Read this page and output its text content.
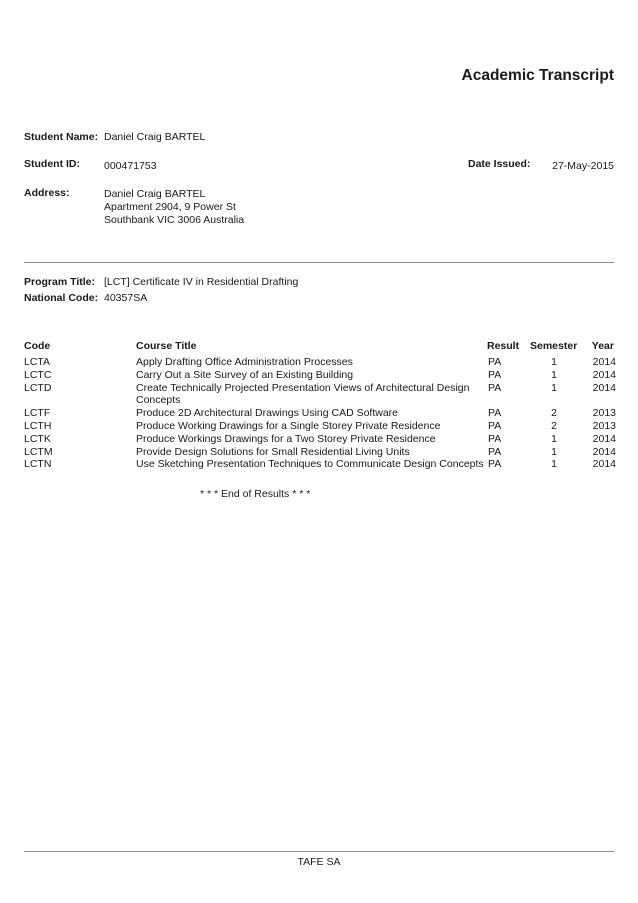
Academic Transcript
Student Name: Daniel Craig BARTEL
Student ID: 000471753	Date Issued: 27-May-2015
Address:	Daniel Craig BARTEL
Apartment 2904, 9 Power St
Southbank VIC 3006 Australia
Program Title: [LCT] Certificate IV in Residential Drafting
National Code: 40357SA
Code	Course Title	Result Semester Year
LCTA	Apply Drafting Office Administration Processes	PA	1	2014
LCTC	Carry Out a Site Survey of an Existing Building	PA	1	2014
LCTD	Create Technically Projected Presentation Views of Architectural Design Concepts	PA	1	2014
LCTF	Produce 2D Architectural Drawings Using CAD Software	PA	2	2013
LCTH	Produce Working Drawings for a Single Storey Private Residence	PA	2	2013
LCTK	Produce Workings Drawings for a Two Storey Private Residence	PA	1	2014
LCTM	Provide Design Solutions for Small Residential Living Units	PA	1	2014
LCTN	Use Sketching Presentation Techniques to Communicate Design Concepts	PA	1	2014
* * * End of Results * * *
TAFE SA
